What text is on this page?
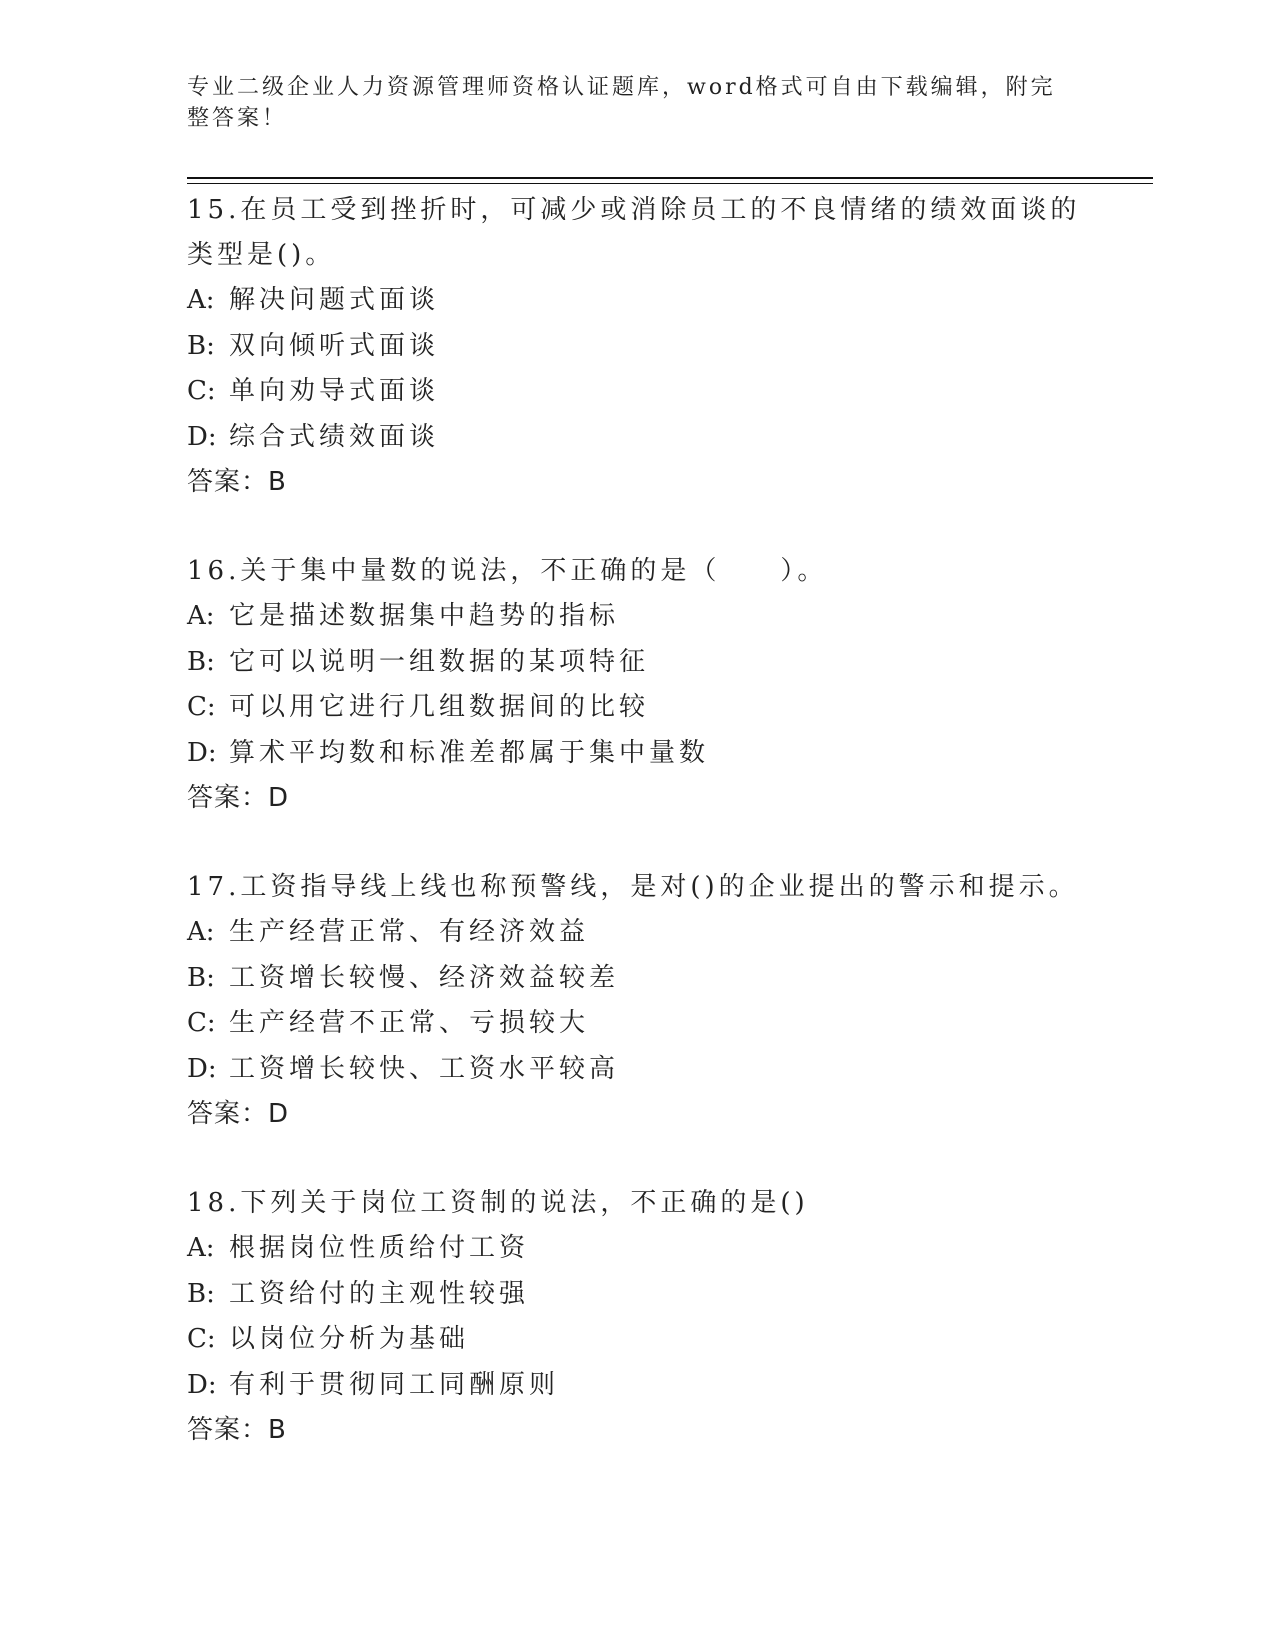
专业二级企业人力资源管理师资格认证题库，word格式可自由下载编辑，附完整答案！

15.在员工受到挫折时，可减少或消除员工的不良情绪的绩效面谈的类型是()。

A: 解决问题式面谈

B: 双向倾听式面谈

C: 单向劝导式面谈

D: 综合式绩效面谈

答案：B

16.关于集中量数的说法，不正确的是（　　）。

A: 它是描述数据集中趋势的指标

B: 它可以说明一组数据的某项特征

C: 可以用它进行几组数据间的比较

D: 算术平均数和标准差都属于集中量数

答案：D

17.工资指导线上线也称预警线，是对()的企业提出的警示和提示。

A: 生产经营正常、有经济效益

B: 工资增长较慢、经济效益较差

C: 生产经营不正常、亏损较大

D: 工资增长较快、工资水平较高

答案：D

18.下列关于岗位工资制的说法，不正确的是()

A: 根据岗位性质给付工资

B: 工资给付的主观性较强

C: 以岗位分析为基础

D: 有利于贯彻同工同酬原则

答案：B
